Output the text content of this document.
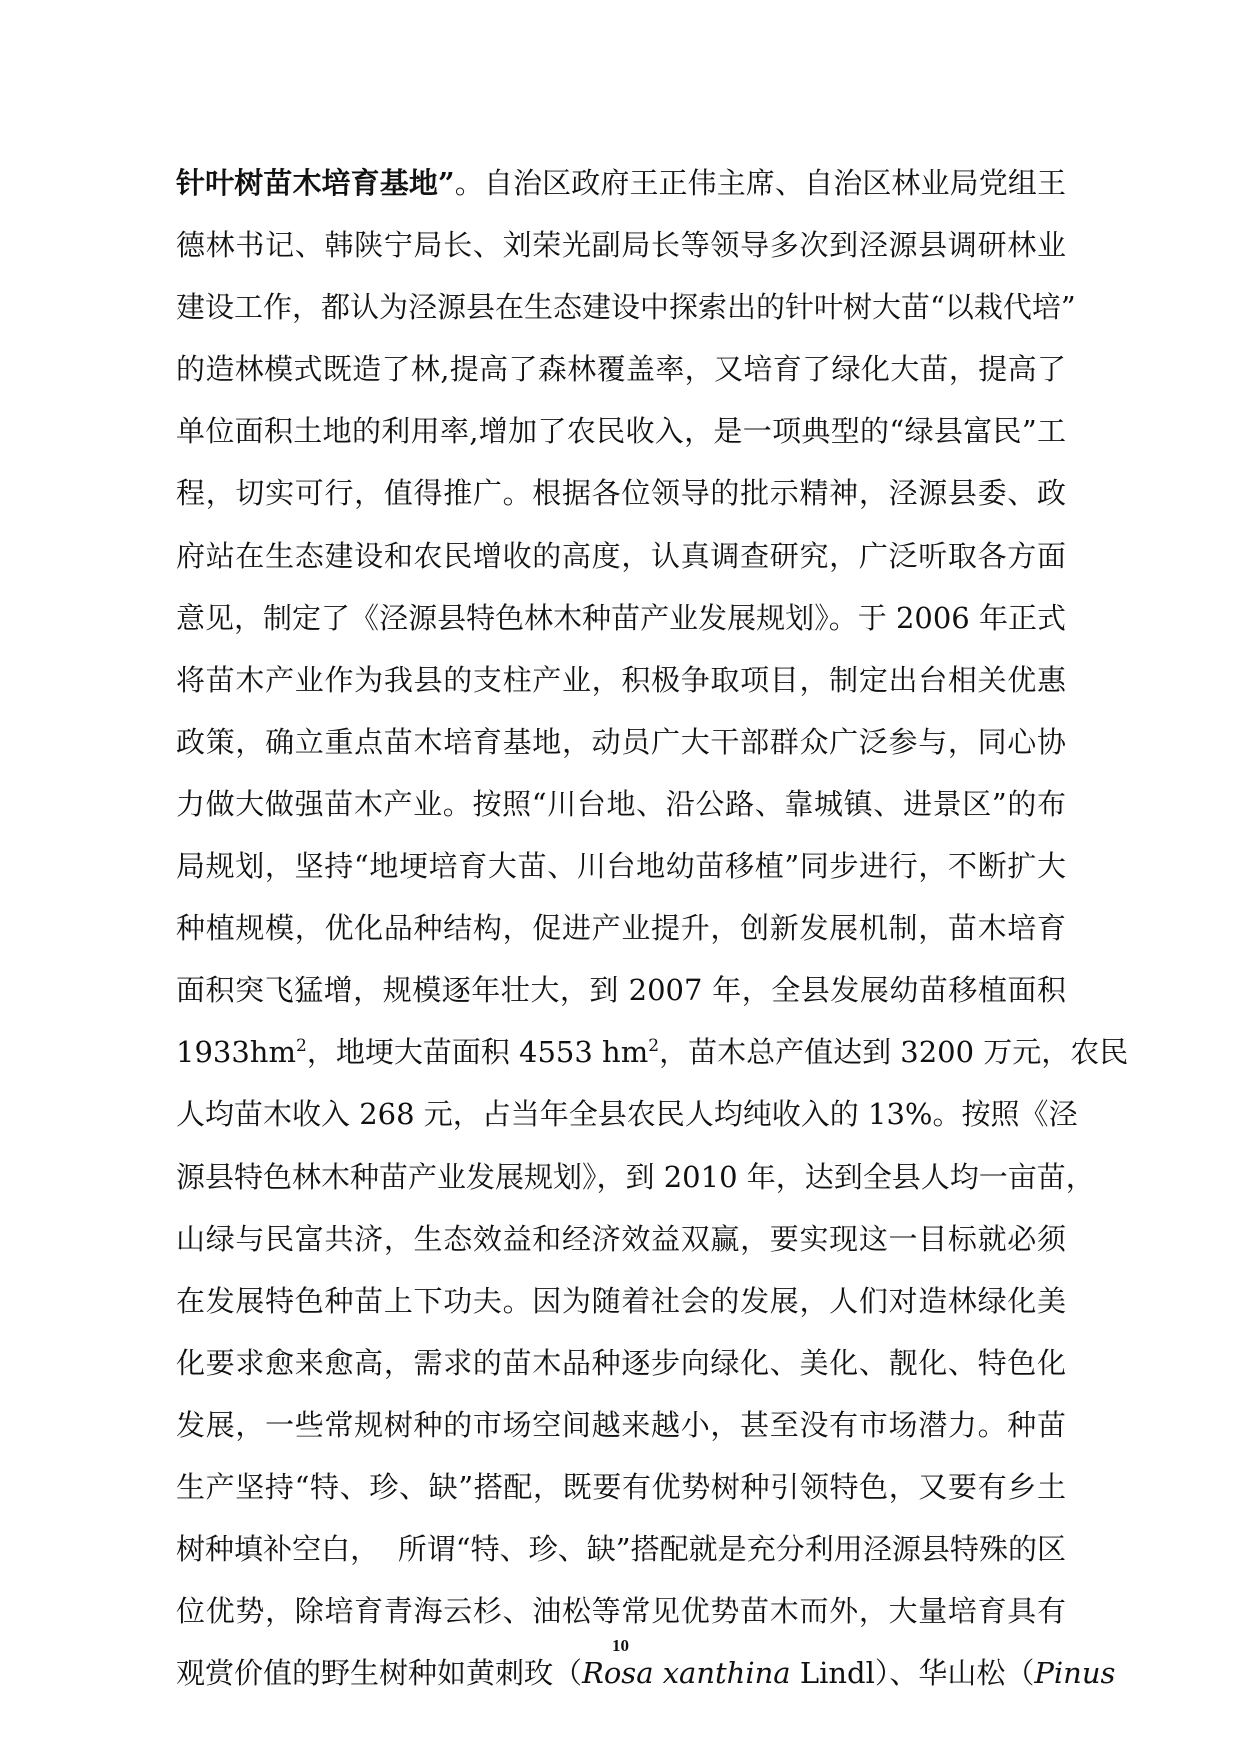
针叶树苗木培育基地”。自治区政府王正伟主席、自治区林业局党组王
德林书记、韩陕宁局长、刘荣光副局长等领导多次到泾源县调研林业
建设工作，都认为泾源县在生态建设中探索出的针叶树大苗“以栽代培”
的造林模式既造了林,提高了森林覆盖率，又培育了绿化大苗，提高了
单位面积土地的利用率,增加了农民收入，是一项典型的“绿县富民”工
程，切实可行，值得推广。根据各位领导的批示精神，泾源县委、政
府站在生态建设和农民增收的高度，认真调查研究，广泛听取各方面
意见，制定了《泾源县特色林木种苗产业发展规划》。于 2006 年正式
将苗木产业作为我县的支柱产业，积极争取项目，制定出台相关优惠
政策，确立重点苗木培育基地，动员广大干部群众广泛参与，同心协
力做大做强苗木产业。按照“川台地、沿公路、靠城镇、进景区”的布
局规划，坚持“地埂培育大苗、川台地幼苗移植”同步进行，不断扩大
种植规模，优化品种结构，促进产业提升，创新发展机制，苗木培育
面积突飞猛增，规模逐年壮大，到 2007 年，全县发展幼苗移植面积
$1933hm^2$，地埂大苗面积 4553 $hm^2$，苗木总产值达到 3200 万元，农民
人均苗木收入 268 元，占当年全县农民人均纯收入的 13%。按照《泾
源县特色林木种苗产业发展规划》，到 2010 年，达到全县人均一亩苗，
山绿与民富共济，生态效益和经济效益双赢，要实现这一目标就必须
在发展特色种苗上下功夫。因为随着社会的发展，人们对造林绿化美
化要求愈来愈高，需求的苗木品种逐步向绿化、美化、靓化、特色化
发展，一些常规树种的市场空间越来越小，甚至没有市场潜力。种苗
生产坚持“特、珍、缺”搭配，既要有优势树种引领特色，又要有乡土
树种填补空白，  所谓“特、珍、缺”搭配就是充分利用泾源县特殊的区
位优势，除培育青海云杉、油松等常见优势苗木而外，大量培育具有
观赏价值的野生树种如黄刺玫（Rosa xanthina Lindl）、华山松（Pinus
10
